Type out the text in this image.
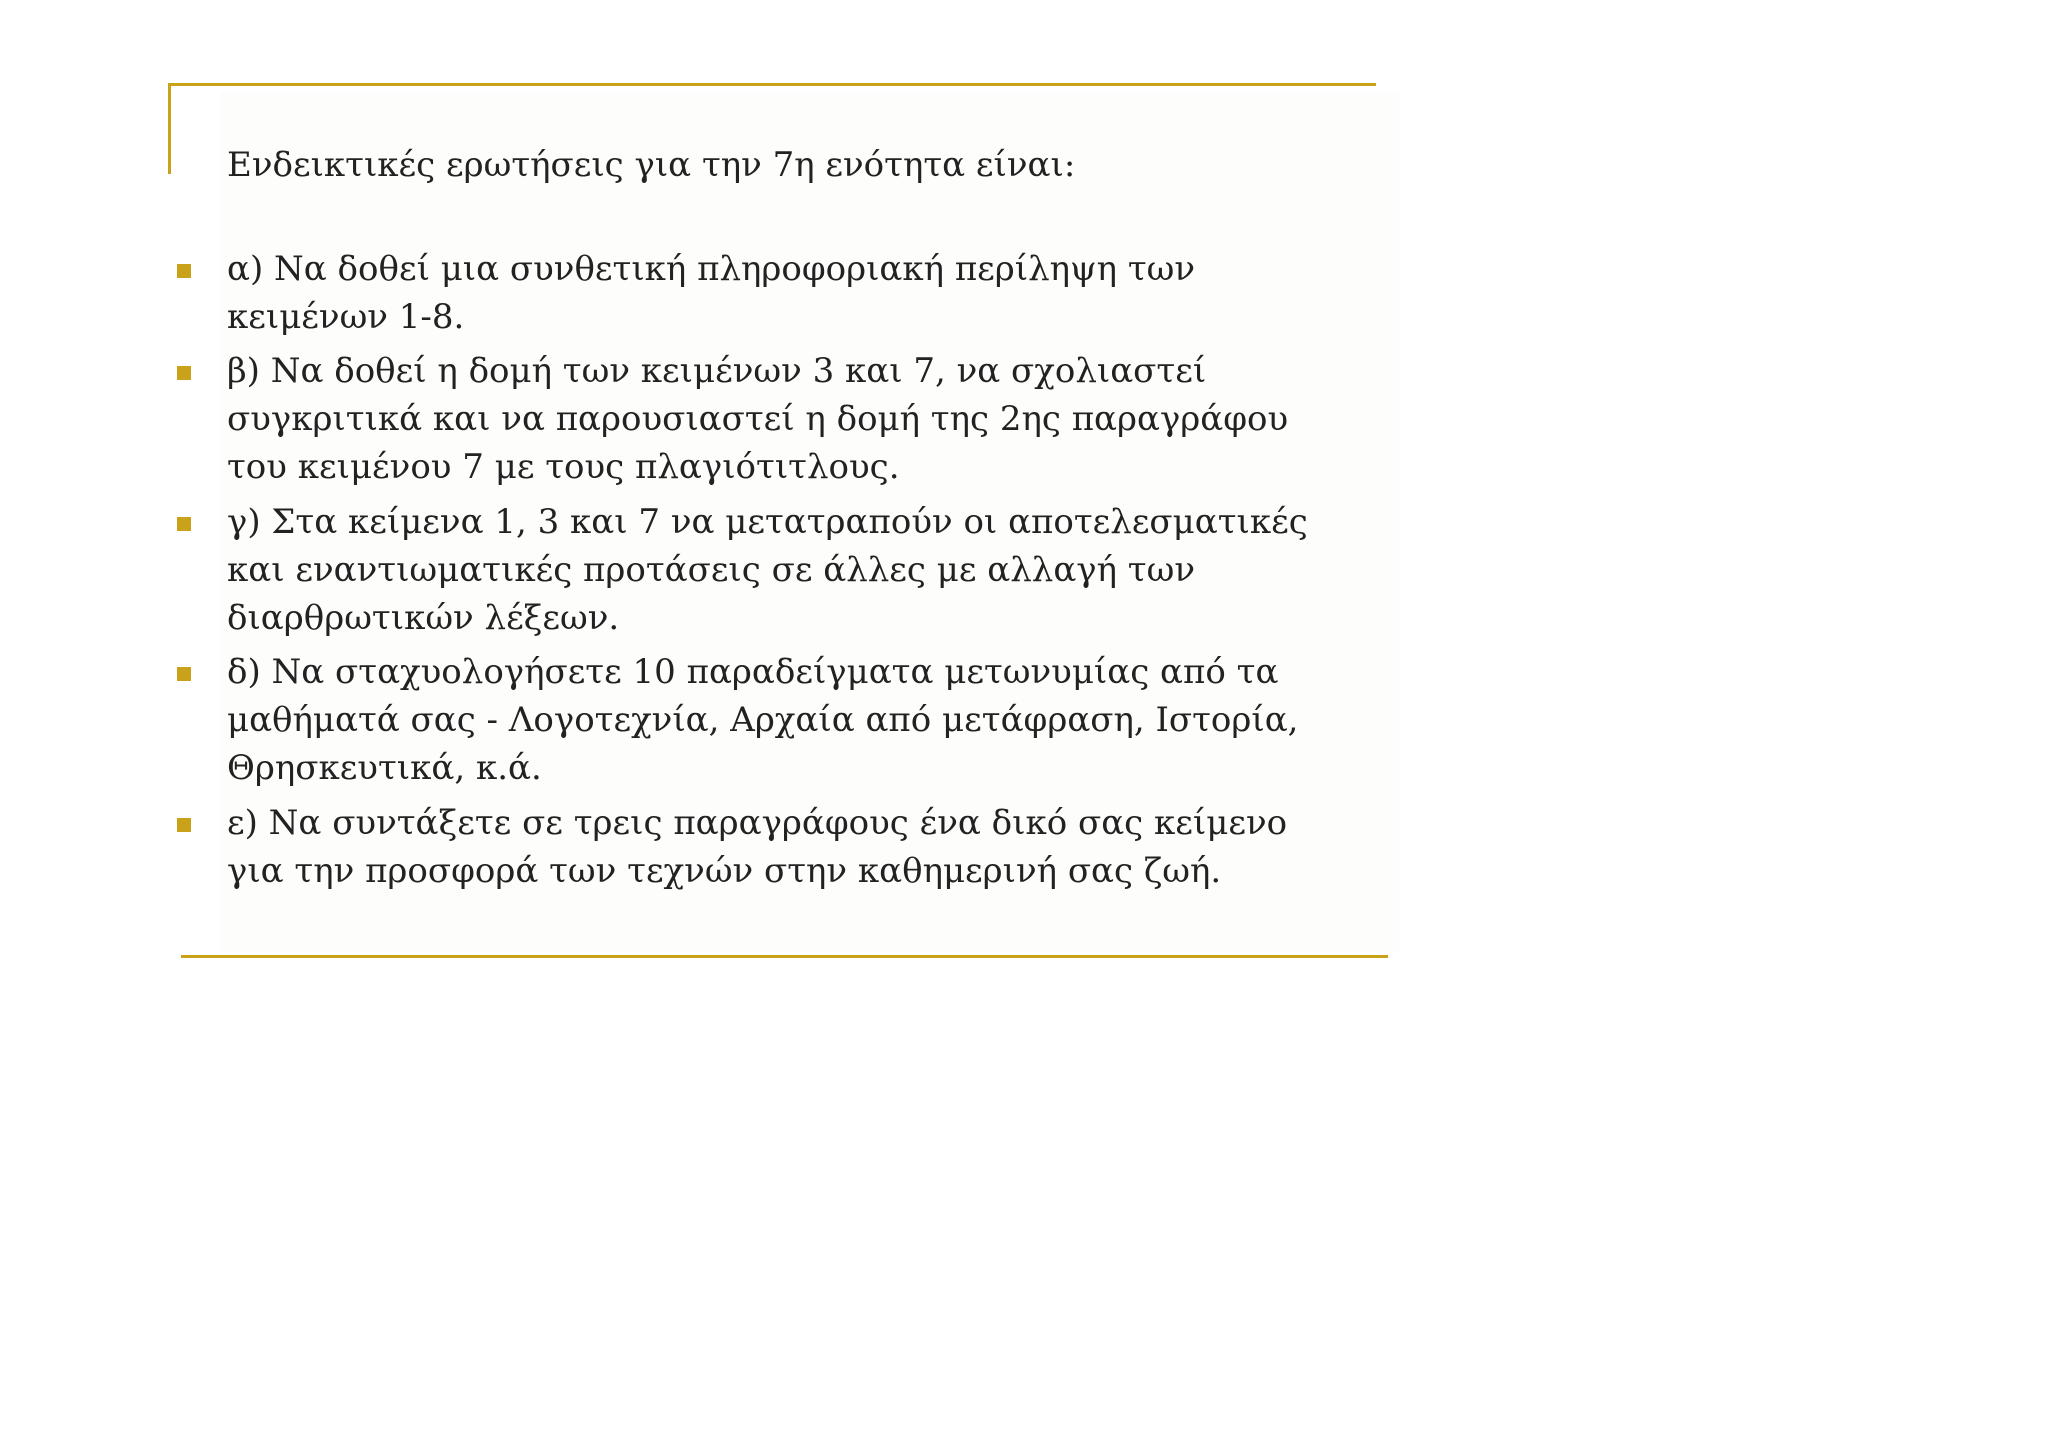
Ενδεικτικές ερωτήσεις για την 7η ενότητα είναι:
α) Να δοθεί μια συνθετική πληροφοριακή περίληψη των
κειμένων 1-8.
β) Να δοθεί η δομή των κειμένων 3 και 7, να σχολιαστεί
συγκριτικά και να παρουσιαστεί η δομή της 2ης παραγράφου
του κειμένου 7 με τους πλαγιότιτλους.
γ) Στα κείμενα 1, 3 και 7 να μετατραπούν οι αποτελεσματικές
και εναντιωματικές προτάσεις σε άλλες με αλλαγή των
διαρθρωτικών λέξεων.
δ) Να σταχυολογήσετε 10 παραδείγματα μετωνυμίας από τα
μαθήματά σας - Λογοτεχνία, Αρχαία από μετάφραση, Ιστορία,
Θρησκευτικά, κ.ά.
ε) Να συντάξετε σε τρεις παραγράφους ένα δικό σας κείμενο
για την προσφορά των τεχνών στην καθημερινή σας ζωή.
